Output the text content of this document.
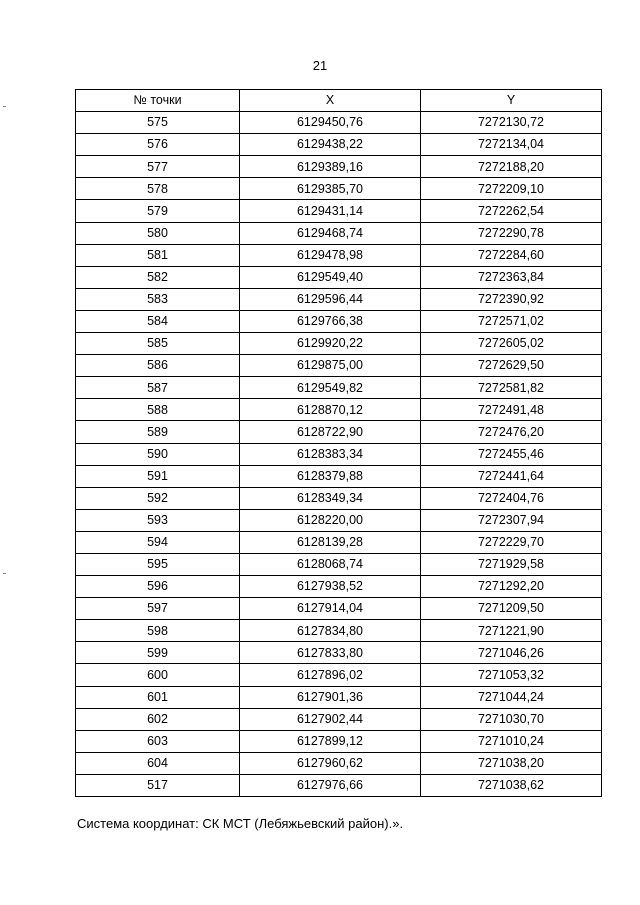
21
№ точки	X	Y
575	6129450,76	7272130,72
576	6129438,22	7272134,04
577	6129389,16	7272188,20
578	6129385,70	7272209,10
579	6129431,14	7272262,54
580	6129468,74	7272290,78
581	6129478,98	7272284,60
582	6129549,40	7272363,84
583	6129596,44	7272390,92
584	6129766,38	7272571,02
585	6129920,22	7272605,02
586	6129875,00	7272629,50
587	6129549,82	7272581,82
588	6128870,12	7272491,48
589	6128722,90	7272476,20
590	6128383,34	7272455,46
591	6128379,88	7272441,64
592	6128349,34	7272404,76
593	6128220,00	7272307,94
594	6128139,28	7272229,70
595	6128068,74	7271929,58
596	6127938,52	7271292,20
597	6127914,04	7271209,50
598	6127834,80	7271221,90
599	6127833,80	7271046,26
600	6127896,02	7271053,32
601	6127901,36	7271044,24
602	6127902,44	7271030,70
603	6127899,12	7271010,24
604	6127960,62	7271038,20
517	6127976,66	7271038,62
Система координат: СК МСТ (Лебяжьевский район).».
